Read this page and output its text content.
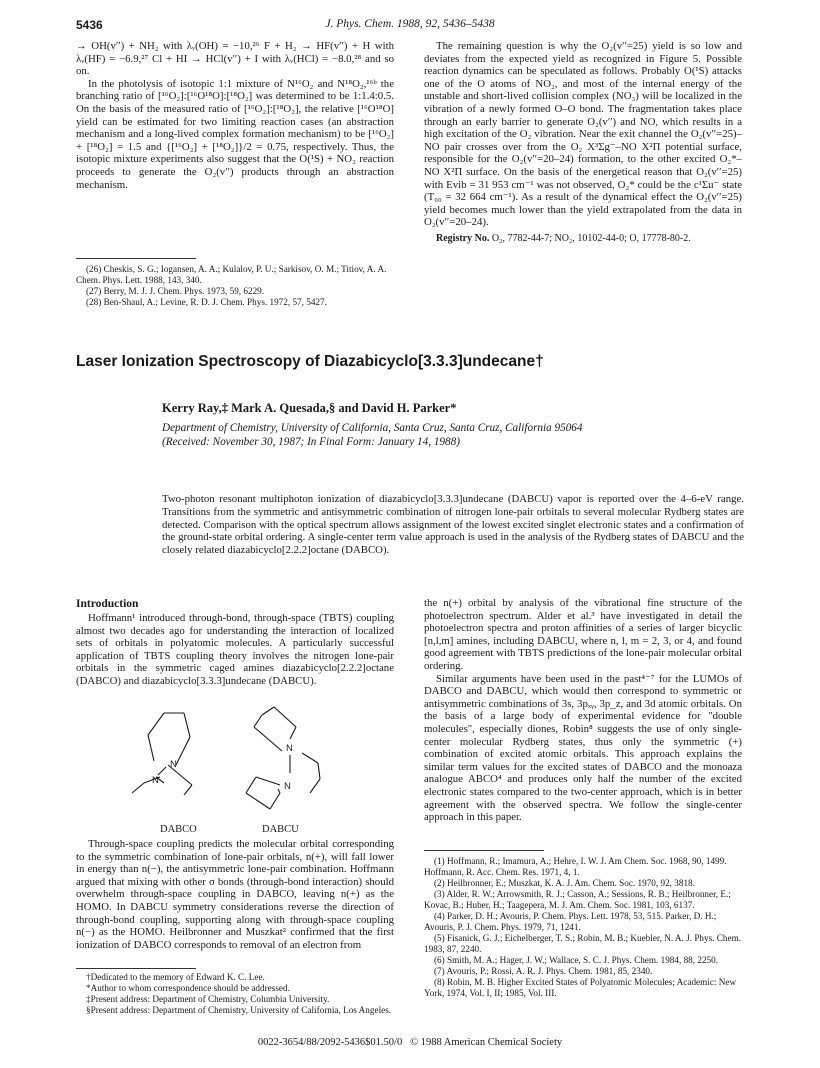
5436	J. Phys. Chem. 1988, 92, 5436–5438

→ OH(v′′) + NH₂ with λᵥ(OH) = −10,²⁶ F + H₂ → HF(v′′) + H with λᵥ(HF) = −6.9,²⁷ Cl + HI → HCl(v′′) + I with λᵥ(HCl) = −8.0,²⁸ and so on.

In the photolysis of isotopic 1:1 mixture of N¹⁶O₂ and N¹⁸O₂,¹⁶ᵇ the branching ratio of [¹⁶O₂]:[¹⁶O¹⁸O]:[¹⁸O₂] was determined to be 1:1.4:0.5. On the basis of the measured ratio of [¹⁶O₂]:[¹⁸O₂], the relative [¹⁶O¹⁸O] yield can be estimated for two limiting reaction cases (an abstraction mechanism and a long-lived complex formation mechanism) to be [¹⁶O₂] + [¹⁸O₂] = 1.5 and {[¹⁶O₂] + [¹⁸O₂]}/2 = 0.75, respectively. Thus, the isotopic mixture experiments also suggest that the O(¹S) + NO₂ reaction proceeds to generate the O₂(v′′) products through an abstraction mechanism.

(26) Cheskis, S. G.; Iogansen, A. A.; Kulalov, P. U.; Sarkisov, O. M.; Titiov, A. A. Chem. Phys. Lett. 1988, 143, 340.

(27) Berry, M. J. J. Chem. Phys. 1973, 59, 6229.

(28) Ben-Shaul, A.; Levine, R. D. J. Chem. Phys. 1972, 57, 5427.

The remaining question is why the O₂(v′′=25) yield is so low and deviates from the expected yield as recognized in Figure 5. Possible reaction dynamics can be speculated as follows. Probably O(¹S) attacks one of the O atoms of NO₂, and most of the internal energy of the unstable and short-lived collision complex (NO₃) will be localized in the vibration of a newly formed O–O bond. The fragmentation takes place through an early barrier to generate O₂(v′′) and NO, which results in a high excitation of the O₂ vibration. Near the exit channel the O₂(v′′=25)–NO pair crosses over from the O₂ X³Σg⁻–NO X²Π potential surface, responsible for the O₂(v′′=20–24) formation, to the other excited O₂*–NO X²Π surface. On the basis of the energetical reason that O₂(v′′=25) with Evib = 31 953 cm⁻¹ was not observed, O₂* could be the c¹Σu⁻ state (T₀₀ = 32 664 cm⁻¹). As a result of the dynamical effect the O₂(v′′=25) yield becomes much lower than the yield extrapolated from the data in O₂(v′′=20–24).

Registry No. O₂, 7782-44-7; NO₂, 10102-44-0; O, 17778-80-2.

Laser Ionization Spectroscopy of Diazabicyclo[3.3.3]undecane†
Kerry Ray,‡ Mark A. Quesada,§ and David H. Parker*

Department of Chemistry, University of California, Santa Cruz, Santa Cruz, California 95064

(Received: November 30, 1987; In Final Form: January 14, 1988)

Two-photon resonant multiphoton ionization of diazabicyclo[3.3.3]undecane (DABCU) vapor is reported over the 4–6-eV range. Transitions from the symmetric and antisymmetric combination of nitrogen lone-pair orbitals to several molecular Rydberg states are detected. Comparison with the optical spectrum allows assignment of the lowest excited singlet electronic states and a confirmation of the ground-state orbital ordering. A single-center term value approach is used in the analysis of the Rydberg states of DABCU and the closely related diazabicyclo[2.2.2]octane (DABCO).

Introduction

Hoffmann¹ introduced through-bond, through-space (TBTS) coupling almost two decades ago for understanding the interaction of localized sets of orbitals in polyatomic molecules. A particularly successful application of TBTS coupling theory involves the nitrogen lone-pair orbitals in the symmetric caged amines diazabicyclo[2.2.2]octane (DABCO) and diazabicyclo[3.3.3]undecane (DABCU).

N
N
N
N
DABCO	DABCU

Through-space coupling predicts the molecular orbital corresponding to the symmetric combination of lone-pair orbitals, n(+), will fall lower in energy than n(−), the antisymmetric lone-pair combination. Hoffmann argued that mixing with other σ bonds (through-bond interaction) should overwhelm through-space coupling in DABCO, leaving n(+) as the HOMO. In DABCU symmetry considerations reverse the direction of through-bond coupling, supporting along with through-space coupling n(−) as the HOMO. Heilbronner and Muszkat² confirmed that the first ionization of DABCO corresponds to removal of an electron from

†Dedicated to the memory of Edward K. C. Lee.

*Author to whom correspondence should be addressed.

‡Present address: Department of Chemistry, Columbia University.

§Present address: Department of Chemistry, University of California, Los Angeles.

the n(+) orbital by analysis of the vibrational fine structure of the photoelectron spectrum. Alder et al.³ have investigated in detail the photoelectron spectra and proton affinities of a series of larger bicyclic [n,l,m] amines, including DABCU, where n, l, m = 2, 3, or 4, and found good agreement with TBTS predictions of the lone-pair molecular orbital ordering.

Similar arguments have been used in the past⁴⁻⁷ for the LUMOs of DABCO and DABCU, which would then correspond to symmetric or antisymmetric combinations of 3s, 3pₓᵧ, 3p_z, and 3d atomic orbitals. On the basis of a large body of experimental evidence for "double molecules", especially diones, Robin⁸ suggests the use of only single-center molecular Rydberg states, thus only the symmetric (+) combination of excited atomic orbitals. This approach explains the similar term values for the excited states of DABCO and the monoaza analogue ABCO⁴ and produces only half the number of the excited electronic states compared to the two-center approach, which is in better agreement with the observed spectra. We follow the single-center approach in this paper.

(1) Hoffmann, R.; Imamura, A.; Hehre, I. W. J. Am Chem. Soc. 1968, 90, 1499. Hoffmann, R. Acc. Chem. Res. 1971, 4, 1.

(2) Heilbronner, E.; Muszkat, K. A. J. Am. Chem. Soc. 1970, 92, 3818.

(3) Alder, R. W.; Arrowsmith, R. J.; Casson, A.; Sessions, R. B.; Heilbronner, E.; Kovac, B.; Huber, H.; Taagepera, M. J. Am. Chem. Soc. 1981, 103, 6137.

(4) Parker, D. H.; Avouris, P. Chem. Phys. Lett. 1978, 53, 515. Parker, D. H.; Avouris, P. J. Chem. Phys. 1979, 71, 1241.

(5) Fisanick, G. J.; Eichelberger, T. S.; Robin, M. B.; Kuebler, N. A. J. Phys. Chem. 1983, 87, 2240.

(6) Smith, M. A.; Hager, J. W.; Wallace, S. C. J. Phys. Chem. 1984, 88, 2250.

(7) Avouris, P.; Rossi, A. R. J. Phys. Chem. 1981, 85, 2340.

(8) Robin, M. B. Higher Excited States of Polyatomic Molecules; Academic: New York, 1974, Vol. I, II; 1985, Vol. III.

0022-3654/88/2092-5436$01.50/0   © 1988 American Chemical Society
